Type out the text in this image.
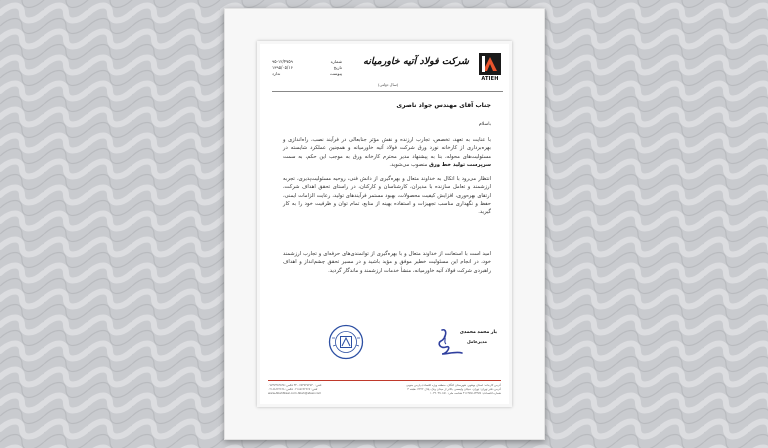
ATIEH
شرکت فولاد آتیه خاورمیانه
شماره
۹۵-۱۲/۴۷۵۹
تاریخ
۱۳۹۵/۰۵/۱۶
پیوست
ندارد
(سال دولتی)
جناب آقای مهندس جواد ناصری
باسلام
با عنایت به تعهد، تخصص، تجارب ارزنده و نقش مؤثر جنابعالی در فرآیند نصب، راه‌اندازی و بهره‌برداری از کارخانه نورد ورق شرکت فولاد آتیه خاورمیانه و همچنین عملکرد شایسته در مسئولیت‌های محوله، بنا به پیشنهاد مدیر محترم کارخانه ورق به موجب این حکم، به سمت سرپرست تولید خط ورق منصوب می‌شوید.
انتظار می‌رود با اتکال به خداوند متعال و بهره‌گیری از دانش فنی، روحیه مسئولیت‌پذیری، تجربه ارزشمند و تعامل سازنده با مدیران، کارشناسان و کارکنان، در راستای تحقق اهداف شرکت، ارتقای بهره‌وری، افزایش کیفیت محصولات، بهبود مستمر فرآیندهای تولید، رعایت الزامات ایمنی، حفظ و نگهداری مناسب تجهیزات و استفاده بهینه از منابع، تمام توان و ظرفیت خود را به کار گیرید.
امید است با استعانت از خداوند متعال و با بهره‌گیری از توانمندی‌های حرفه‌ای و تجارب ارزشمند خود، در انجام این مسئولیت خطیر موفق و مؤید باشید و در مسیر تحقق چشم‌انداز و اهداف راهبردی شرکت فولاد آتیه خاورمیانه، منشأ خدمات ارزشمند و ماندگار گردید.
یار محمد محمدی
مدیرعامل
آدرس کارخانه: استان بوشهر، شهرستان کنگان، منطقه ویژه اقتصادی پارس جنوبی
تلفن: ۰۷۷۳۷۳۸۴۸۳۰-۳۴ فکس: ۰۷۷۳۷۳۸۴۸۳۵
آدرس دفتر تهران: تهران، خیابان ولیعصر، بالاتر از میدان ونک، پلاک ۲۲۲۲، طبقه ۴
تلفن: ۰۲۱۸۸۶۶۲۶۶۷ فکس: ۰۲۱۸۸۶۶۲۶۶۸
شماره اقتصادی: ۴۱۱۳۵۷۱۸۳۳۷۵ شناسه ملی: ۱۰۳۲۰۳۹۰۸۷۱
www.AtiehSteel.com Atieh@steel.com
